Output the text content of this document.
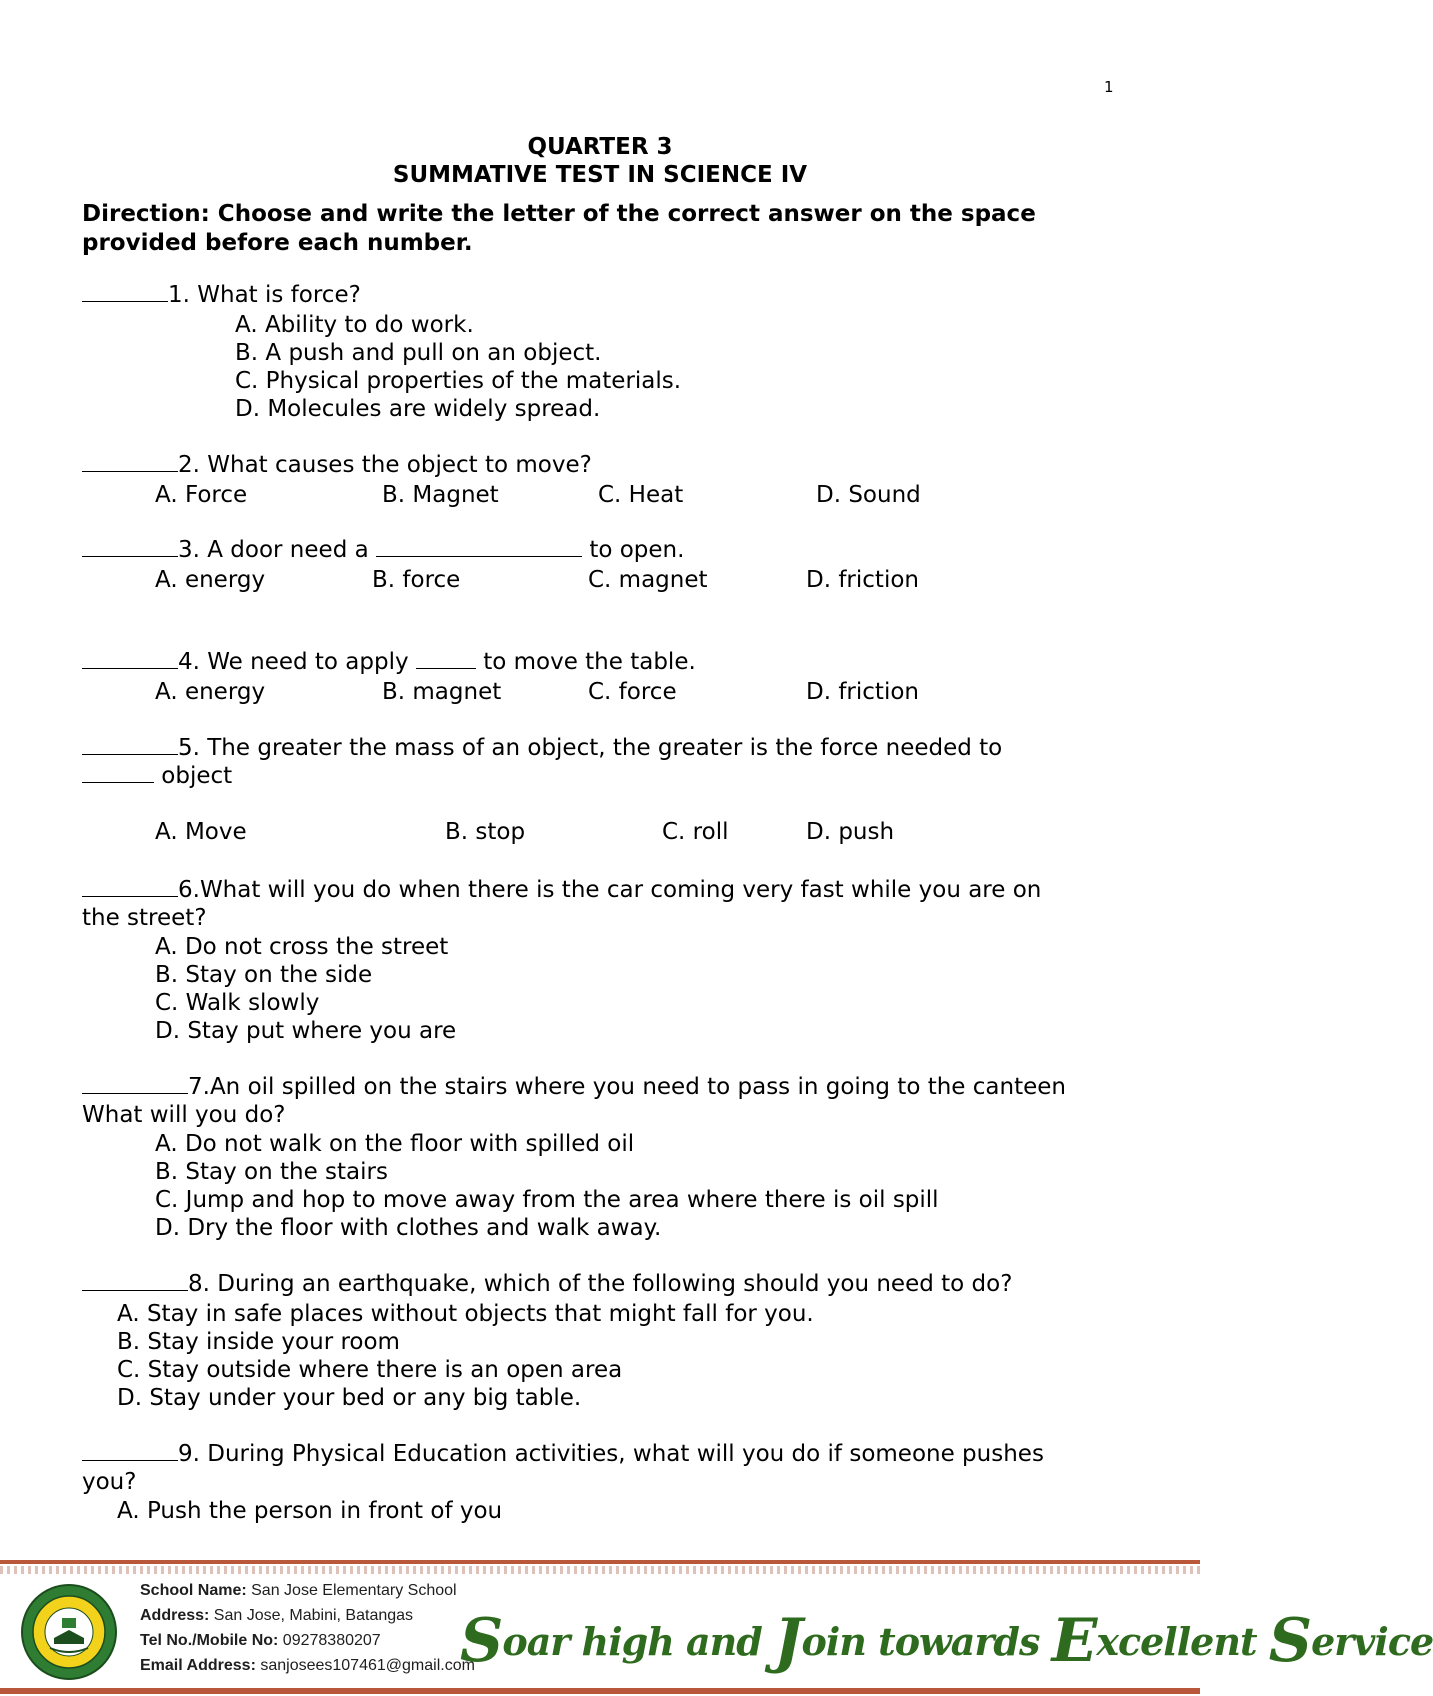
1
QUARTER 3
SUMMATIVE TEST IN SCIENCE IV
Direction: Choose and write the letter of the correct answer on the space provided before each number.
1. What is force?
A. Ability to do work.
B. A push and pull on an object.
C. Physical properties of the materials.
D. Molecules are widely spread.
2. What causes the object to move?
A. Force	B. Magnet	C. Heat	D. Sound
3. A door need a	to open.
A. energy	B. force	C. magnet	D. friction
4. We need to apply	to move the table.
A. energy	B. magnet	C. force	D. friction
5. The greater the mass of an object, the greater is the force needed to
object
A. Move	B. stop	C. roll	D. push
6.What will you do when there is the car coming very fast while you are on
the street?
A. Do not cross the street
B. Stay on the side
C. Walk slowly
D. Stay put where you are
7.An oil spilled on the stairs where you need to pass in going to the canteen
What will you do?
A. Do not walk on the floor with spilled oil
B. Stay on the stairs
C. Jump and hop to move away from the area where there is oil spill
D. Dry the floor with clothes and walk away.
8. During an earthquake, which of the following should you need to do?
A. Stay in safe places without objects that might fall for you.
B. Stay inside your room
C. Stay outside where there is an open area
D. Stay under your bed or any big table.
9. During Physical Education activities, what will you do if someone pushes
you?
A. Push the person in front of you
School Name: San Jose Elementary School
Address: San Jose, Mabini, Batangas
Tel No./Mobile No: 09278380207
Email Address: sanjosees107461@gmail.com
Soar high and Join towards Excellent Service
